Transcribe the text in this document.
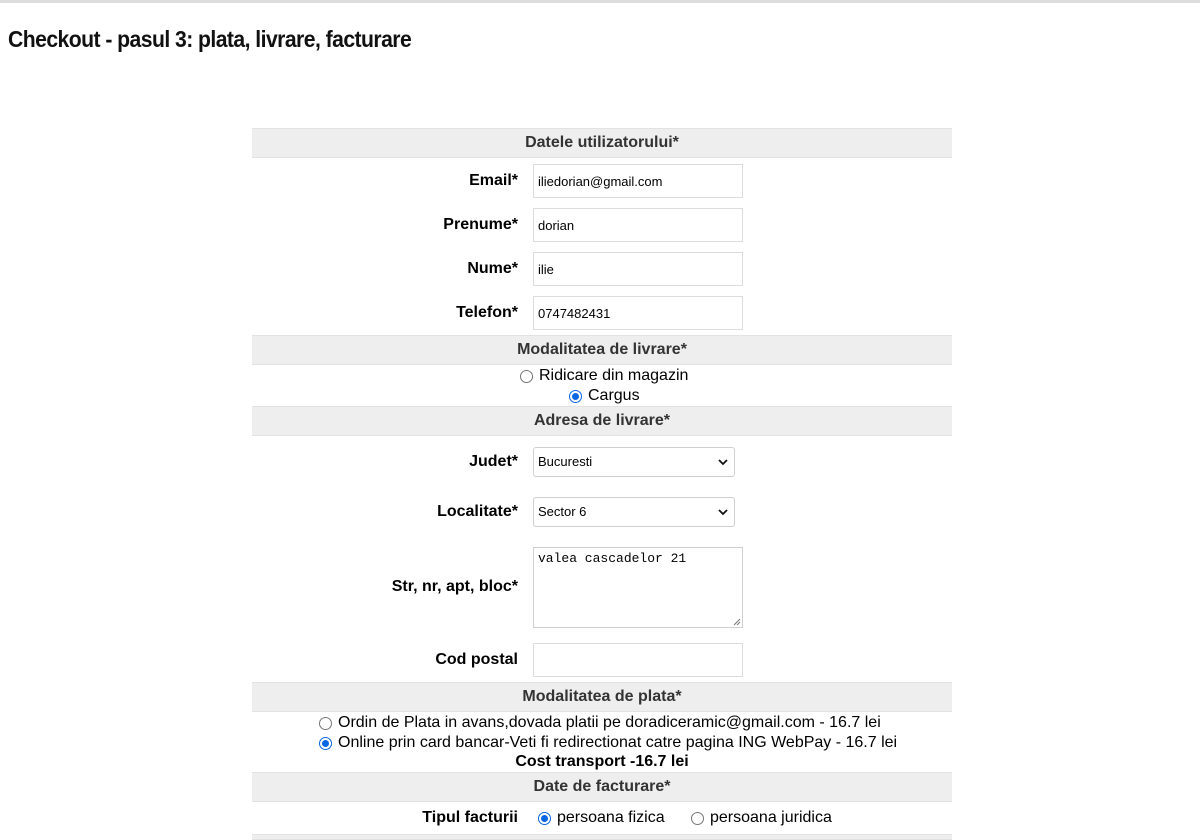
Checkout - pasul 3: plata, livrare, facturare
Datele utilizatorului*
Email*
iliedorian@gmail.com
Prenume*
dorian
Nume*
ilie
Telefon*
0747482431
Modalitatea de livrare*
Ridicare din magazin
Cargus
Adresa de livrare*
Judet* Bucuresti
Localitate* Sector 6
Str, nr, apt, bloc*
valea cascadelor 21
Cod postal
Modalitatea de plata*
Ordin de Plata in avans,dovada platii pe doradiceramic@gmail.com - 16.7 lei
Online prin card bancar-Veti fi redirectionat catre pagina ING WebPay - 16.7 lei
Cost transport -16.7 lei
Date de facturare*
Tipul facturii persoana fizica	persoana juridica
